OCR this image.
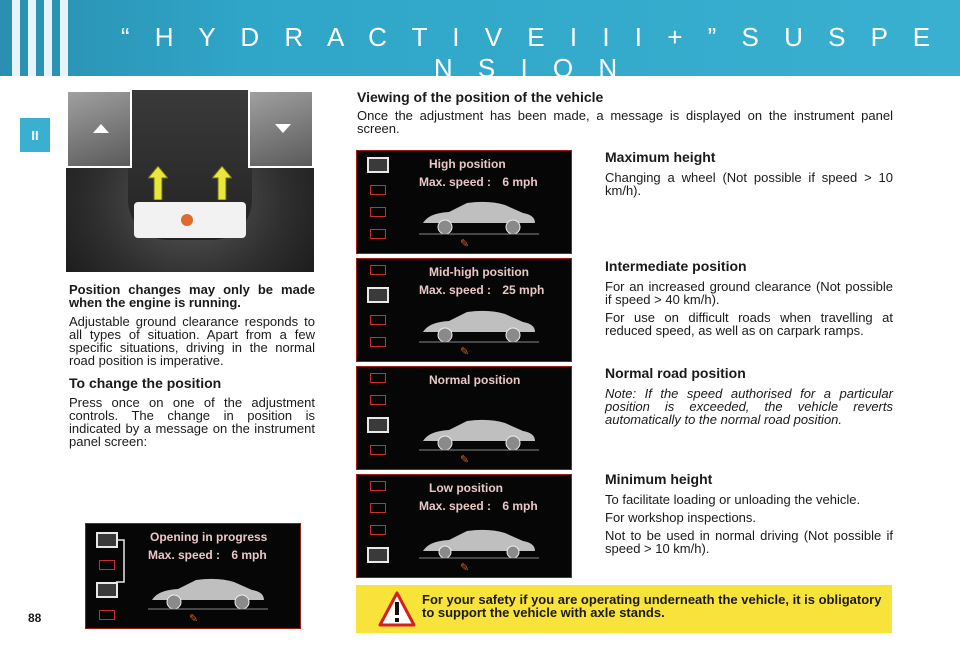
“ H Y D R A C T I V E I I I + ” S U S P E N S I O N
II
88

Position changes may only be made when the engine is running.

Adjustable ground clearance responds to all types of situation. Apart from a few specific situations, driving in the normal road position is imperative.

To change the position

Press once on one of the adjustment controls. The change in position is indicated by a message on the instrument panel screen:

Opening in progress
Max. speed : 6 mph
✎
Viewing of the position of the vehicle
Once the adjustment has been made, a message is displayed on the instrument panel screen.
High position
Max. speed : 6 mph
✎
Mid-high position
Max. speed : 25 mph
✎
Normal position
✎
Low position
Max. speed : 6 mph
✎
Maximum height

Changing a wheel (Not possible if speed > 10 km/h).

Intermediate position

For an increased ground clearance (Not possible if speed > 40 km/h).

For use on difficult roads when travelling at reduced speed, as well as on carpark ramps.

Normal road position

Note: If the speed authorised for a particular position is exceeded, the vehicle reverts automatically to the normal road position.

Minimum height

To facilitate loading or unloading the vehicle.

For workshop inspections.

Not to be used in normal driving (Not possible if speed > 10 km/h).

For your safety if you are operating underneath the vehicle, it is obligatory to support the vehicle with axle stands.
